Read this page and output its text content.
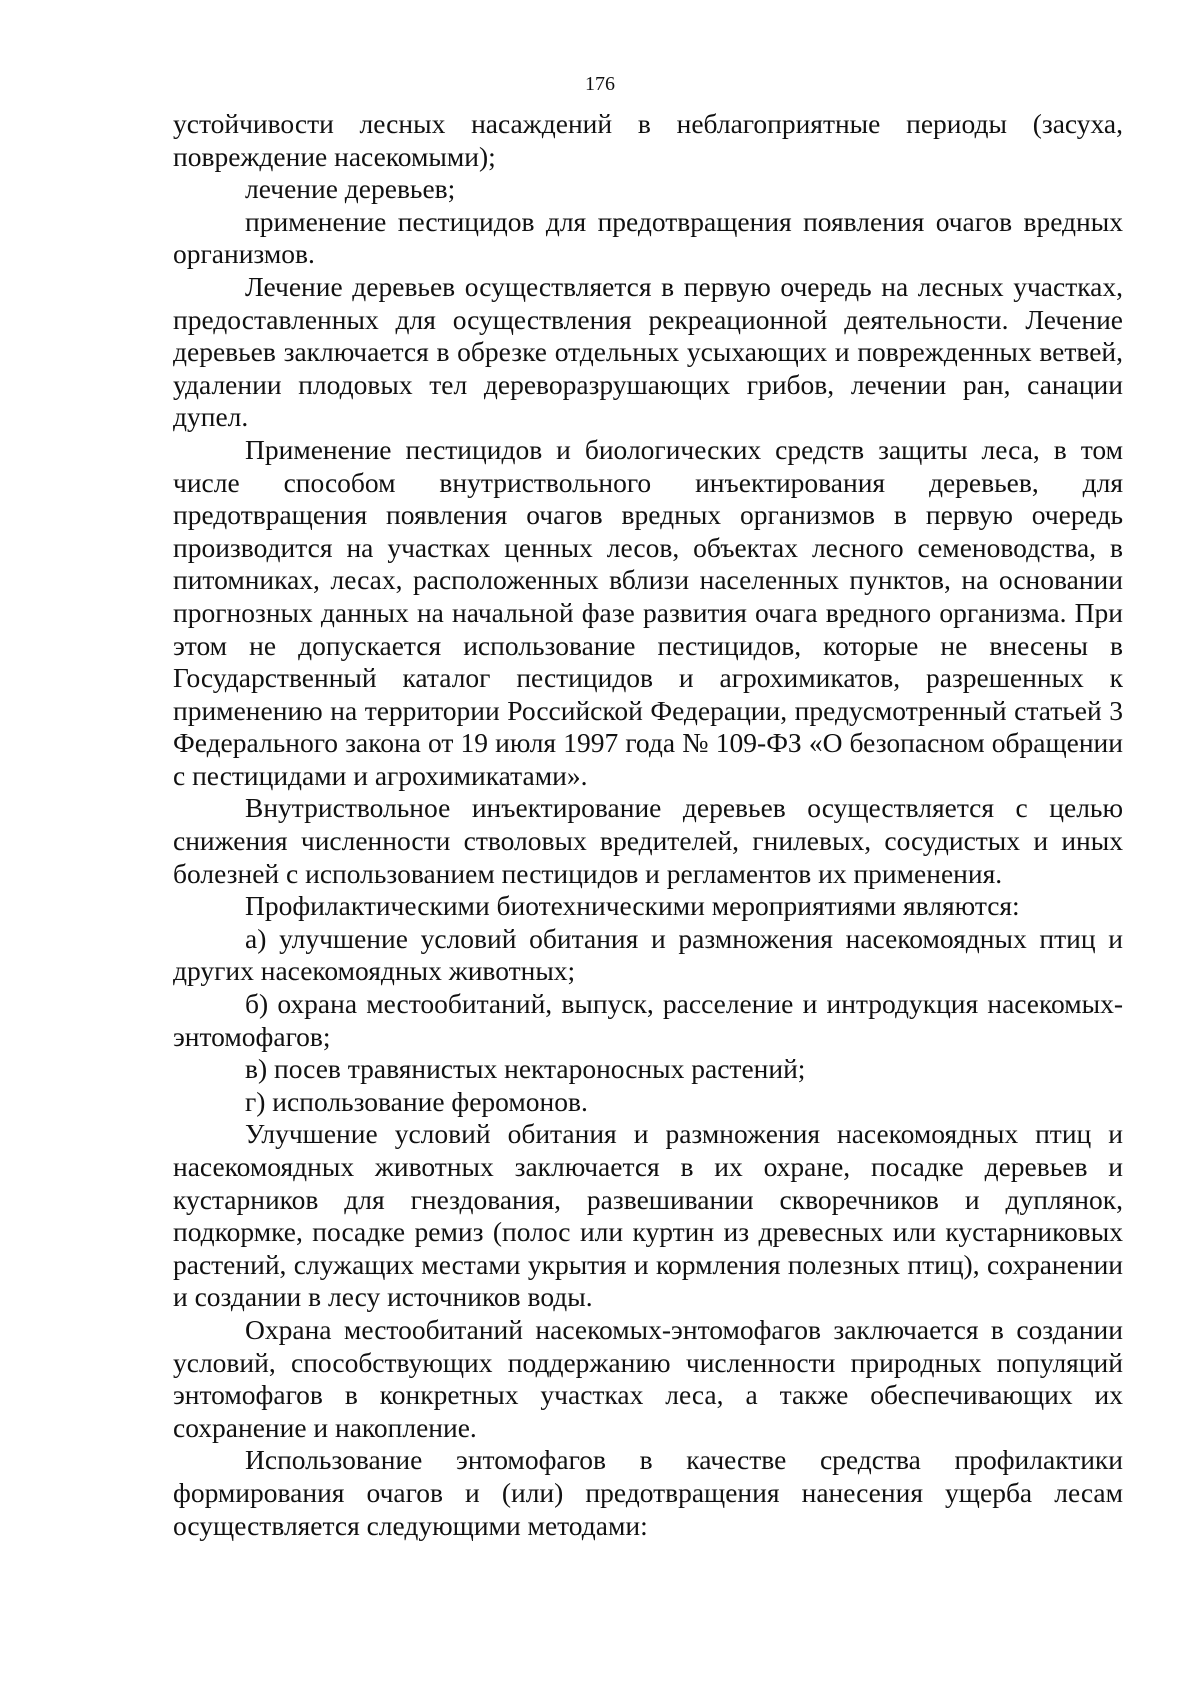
176

устойчивости лесных насаждений в неблагоприятные периоды (засуха, повреждение насекомыми);

лечение деревьев;

применение пестицидов для предотвращения появления очагов вредных организмов.

Лечение деревьев осуществляется в первую очередь на лесных участках, предоставленных для осуществления рекреационной деятельности. Лечение деревьев заключается в обрезке отдельных усыхающих и поврежденных ветвей, удалении плодовых тел дереворазрушающих грибов, лечении ран, санации дупел.

Применение пестицидов и биологических средств защиты леса, в том числе способом внутриствольного инъектирования деревьев, для предотвращения появления очагов вредных организмов в первую очередь производится на участках ценных лесов, объектах лесного семеноводства, в питомниках, лесах, расположенных вблизи населенных пунктов, на основании прогнозных данных на начальной фазе развития очага вредного организма. При этом не допускается использование пестицидов, которые не внесены в Государственный каталог пестицидов и агрохимикатов, разрешенных к применению на территории Российской Федерации, предусмотренный статьей 3 Федерального закона от 19 июля 1997 года № 109-ФЗ «О безопасном обращении с пестицидами и агрохимикатами».

Внутриствольное инъектирование деревьев осуществляется с целью снижения численности стволовых вредителей, гнилевых, сосудистых и иных болезней с использованием пестицидов и регламентов их применения.

Профилактическими биотехническими мероприятиями являются:

а) улучшение условий обитания и размножения насекомоядных птиц и других насекомоядных животных;

б) охрана местообитаний, выпуск, расселение и интродукция насекомых-энтомофагов;

в) посев травянистых нектароносных растений;

г) использование феромонов.

Улучшение условий обитания и размножения насекомоядных птиц и насекомоядных животных заключается в их охране, посадке деревьев и кустарников для гнездования, развешивании скворечников и дуплянок, подкормке, посадке ремиз (полос или куртин из древесных или кустарниковых растений, служащих местами укрытия и кормления полезных птиц), сохранении и создании в лесу источников воды.

Охрана местообитаний насекомых-энтомофагов заключается в создании условий, способствующих поддержанию численности природных популяций энтомофагов в конкретных участках леса, а также обеспечивающих их сохранение и накопление.

Использование энтомофагов в качестве средства профилактики формирования очагов и (или) предотвращения нанесения ущерба лесам осуществляется следующими методами:
